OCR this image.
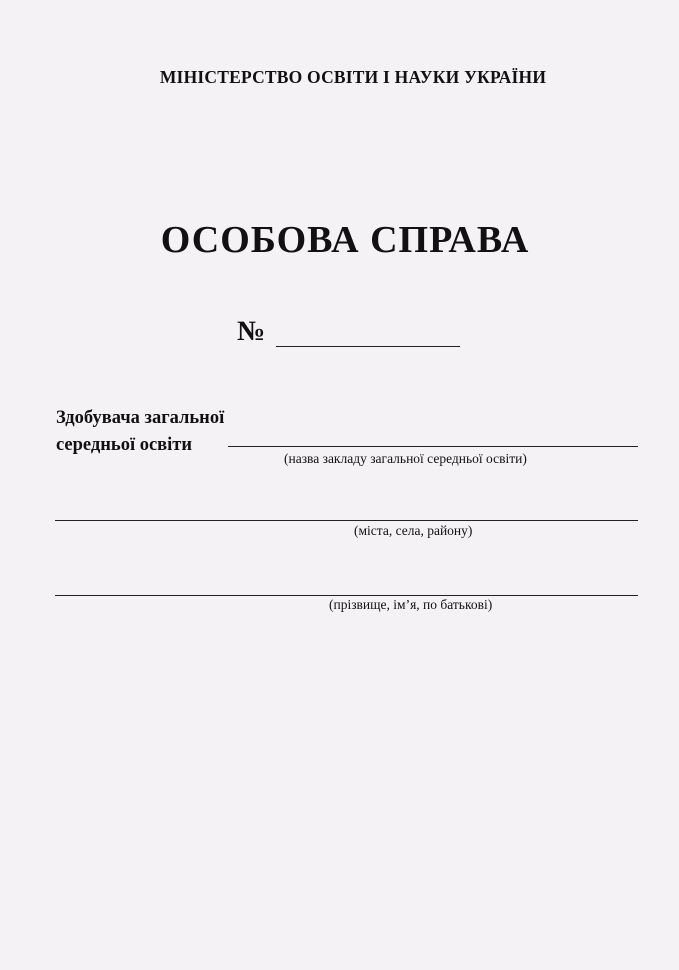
МІНІСТЕРСТВО ОСВІТИ І НАУКИ УКРАЇНИ
ОСОБОВА СПРАВА
№
Здобувача загальної
середньої освіти
(назва закладу загальної середньої освіти)
(міста, села, району)
(прізвище, ім’я, по батькові)
